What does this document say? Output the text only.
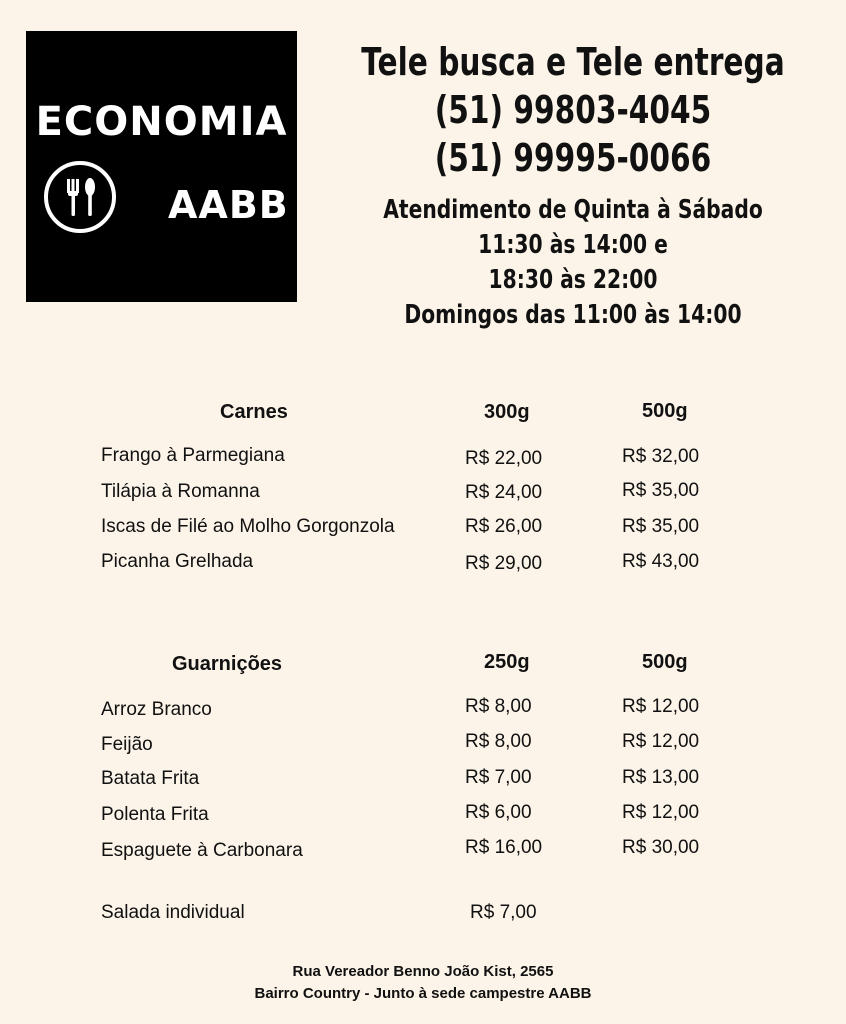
ECONOMIA
AABB

Tele busca e Tele entrega

(51) 99803-4045

(51) 99995-0066

Atendimento de Quinta à Sábado

11:30 às 14:00 e

18:30 às 22:00

Domingos das 11:00 às 14:00

Carnes	300g	500g

Frango à Parmegiana	R$ 22,00	R$ 32,00

Tilápia à Romanna	R$ 24,00	R$ 35,00

Iscas de Filé ao Molho Gorgonzola	R$ 26,00	R$ 35,00

Picanha Grelhada	R$ 29,00	R$ 43,00

Guarnições	250g	500g

Arroz Branco	R$ 8,00	R$ 12,00

Feijão	R$ 8,00	R$ 12,00

Batata Frita	R$ 7,00	R$ 13,00

Polenta Frita	R$ 6,00	R$ 12,00

Espaguete à Carbonara	R$ 16,00	R$ 30,00

Salada individual	R$ 7,00

Rua Vereador Benno João Kist, 2565

Bairro Country - Junto à sede campestre AABB
